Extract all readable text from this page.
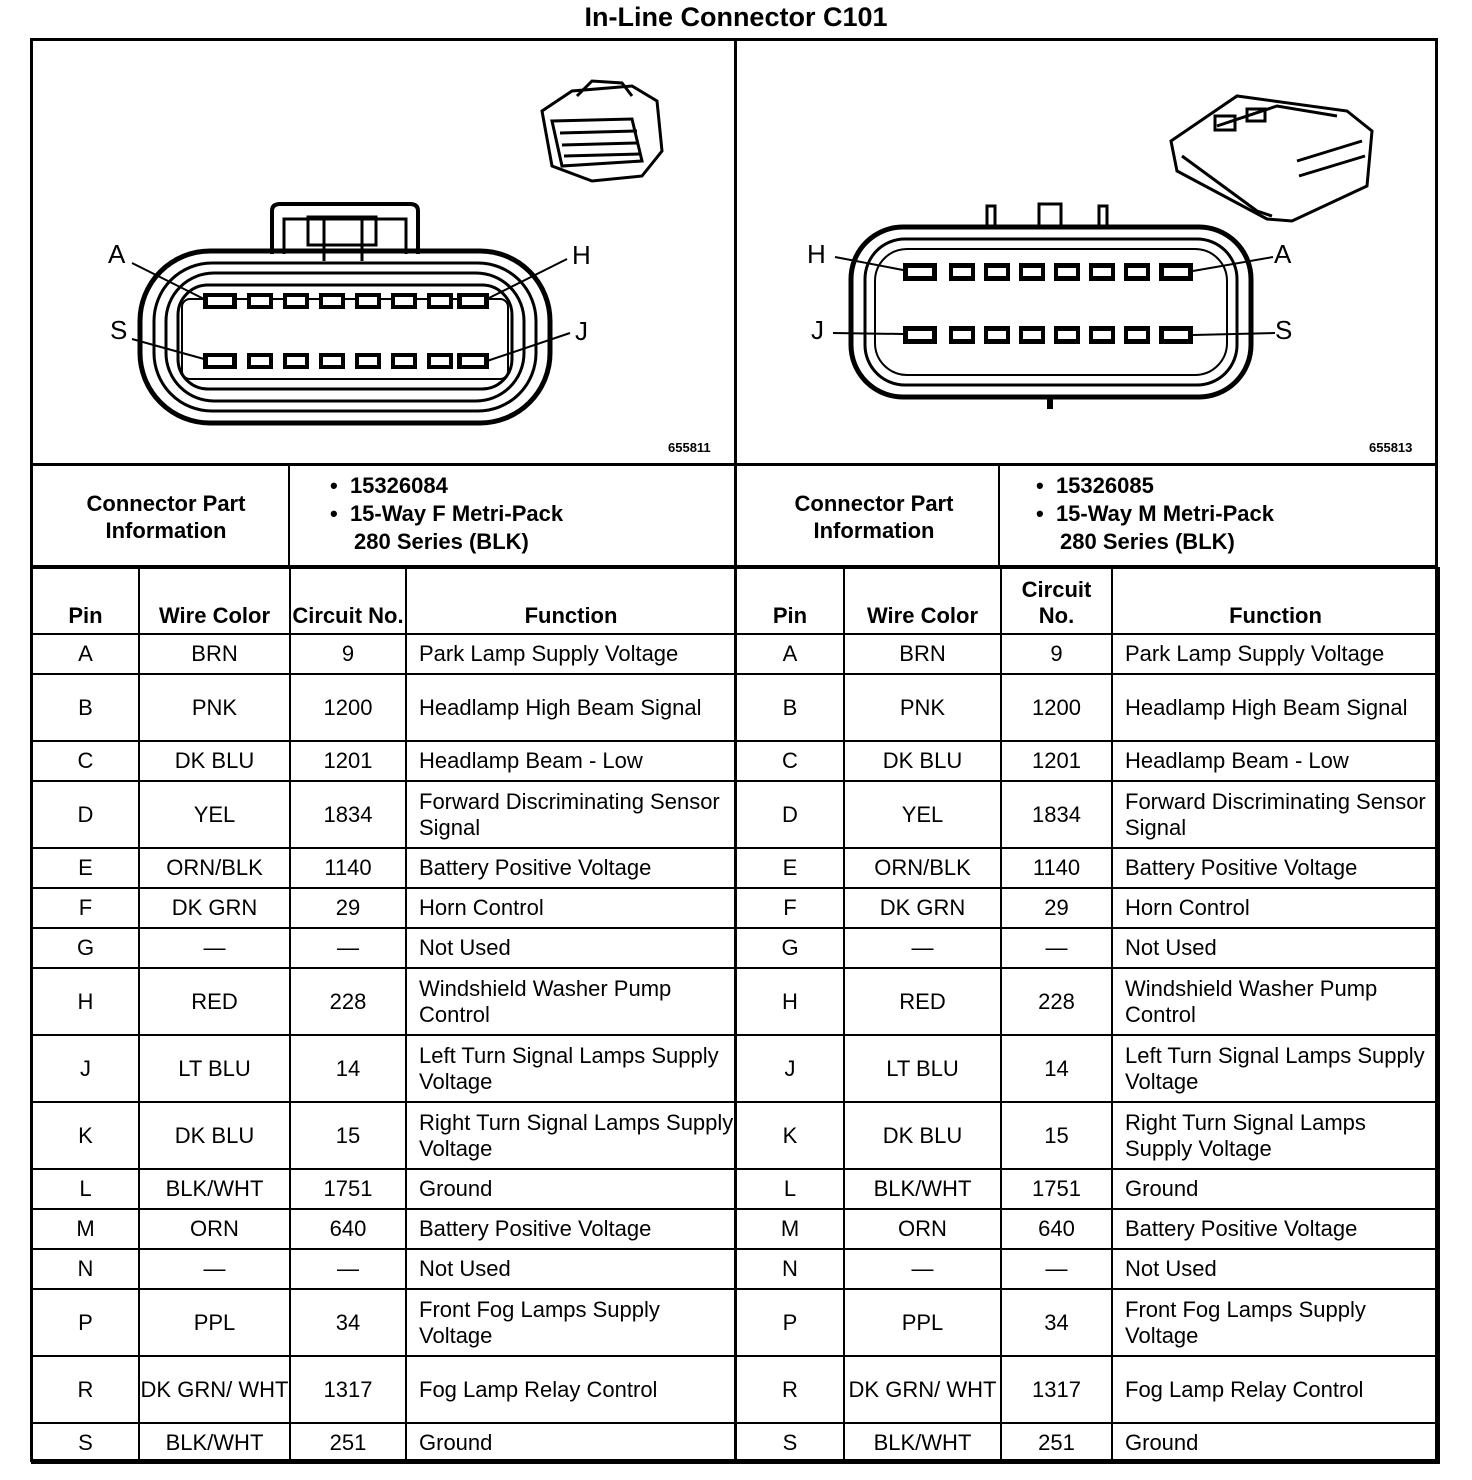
In-Line Connector C101
A	H
S	J
655811
H	A
J	S
655813
Connector Part Information
•  15326084
•  15-Way F Metri-Pack
280 Series (BLK)
Connector Part Information
•  15326085
•  15-Way M Metri-Pack
280 Series (BLK)
Pin	Wire Color	Circuit No.	Function
A	BRN	9	Park Lamp Supply Voltage
B	PNK	1200	Headlamp High Beam Signal
C	DK BLU	1201	Headlamp Beam - Low
D	YEL	1834	Forward Discriminating Sensor Signal
E	ORN/BLK	1140	Battery Positive Voltage
F	DK GRN	29	Horn Control
G	—	—	Not Used
H	RED	228	Windshield Washer Pump Control
J	LT BLU	14	Left Turn Signal Lamps Supply Voltage
K	DK BLU	15	Right Turn Signal Lamps Supply Voltage
L	BLK/WHT	1751	Ground
M	ORN	640	Battery Positive Voltage
N	—	—	Not Used
P	PPL	34	Front Fog Lamps Supply Voltage
R	DK GRN/ WHT	1317	Fog Lamp Relay Control
S	BLK/WHT	251	Ground
Pin	Wire Color	Circuit No.	Function
A	BRN	9	Park Lamp Supply Voltage
B	PNK	1200	Headlamp High Beam Signal
C	DK BLU	1201	Headlamp Beam - Low
D	YEL	1834	Forward Discriminating Sensor Signal
E	ORN/BLK	1140	Battery Positive Voltage
F	DK GRN	29	Horn Control
G	—	—	Not Used
H	RED	228	Windshield Washer Pump Control
J	LT BLU	14	Left Turn Signal Lamps Supply Voltage
K	DK BLU	15	Right Turn Signal Lamps Supply Voltage
L	BLK/WHT	1751	Ground
M	ORN	640	Battery Positive Voltage
N	—	—	Not Used
P	PPL	34	Front Fog Lamps Supply Voltage
R	DK GRN/ WHT	1317	Fog Lamp Relay Control
S	BLK/WHT	251	Ground
